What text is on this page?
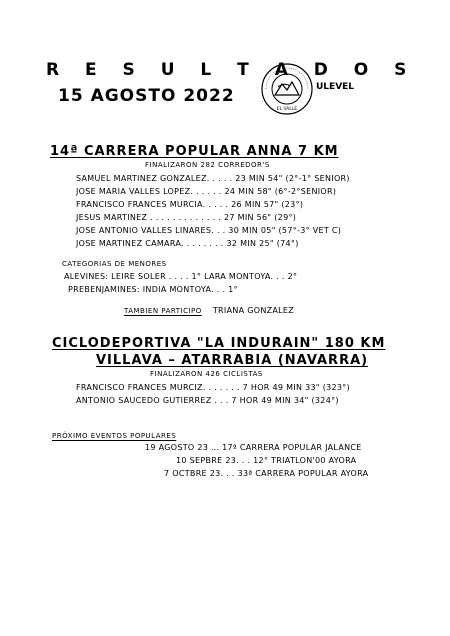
R E S U L T A D O S
15 AGOSTO 2022
EL VALLE
ULEVEL
14ª CARRERA POPULAR ANNA 7 KM
FINALIZARON 282 CORREDOR'S
SAMUEL MARTINEZ GONZALEZ. . . . . 23 MIN 54" (2°-1° SENIOR)
JOSE MARIA VALLES LOPEZ. . . . . . 24 MIN 58" (6°-2°SENIOR)
FRANCISCO FRANCES MURCIA. . . . . 26 MIN 57" (23°)
JESUS MARTINEZ . . . . . . . . . . . . . 27 MIN 56" (29°)
JOSE ANTONIO VALLES LINARES. . . 30 MIN 05" (57°-3° VET C)
JOSE MARTINEZ CAMARA. . . . . . . . 32 MIN 25" (74°)
CATEGORIAS DE MENORES
ALEVINES: LEIRE SOLER . . . . 1° LARA MONTOYA. . . 2°
PREBENJAMINES: INDIA MONTOYA. . . 1°
TAMBIEN PARTICIPO TRIANA GONZALEZ
CICLODEPORTIVA "LA INDURAIN" 180 KM
VILLAVA – ATARRABIA (NAVARRA)
FINALIZARON 426 CICLISTAS
FRANCISCO FRANCES MURCIZ. . . . . . . 7 HOR 49 MIN 33" (323°)
ANTONIO SAUCEDO GUTIERREZ . . . 7 HOR 49 MIN 34" (324°)
PRÓXIMO EVENTOS POPULARES
19 AGOSTO 23 … 17ª CARRERA POPULAR JALANCE
10 SEPBRE 23. . . 12° TRIATLON'00 AYORA
7 OCTBRE 23. . . 33ª CARRERA POPULAR AYORA
